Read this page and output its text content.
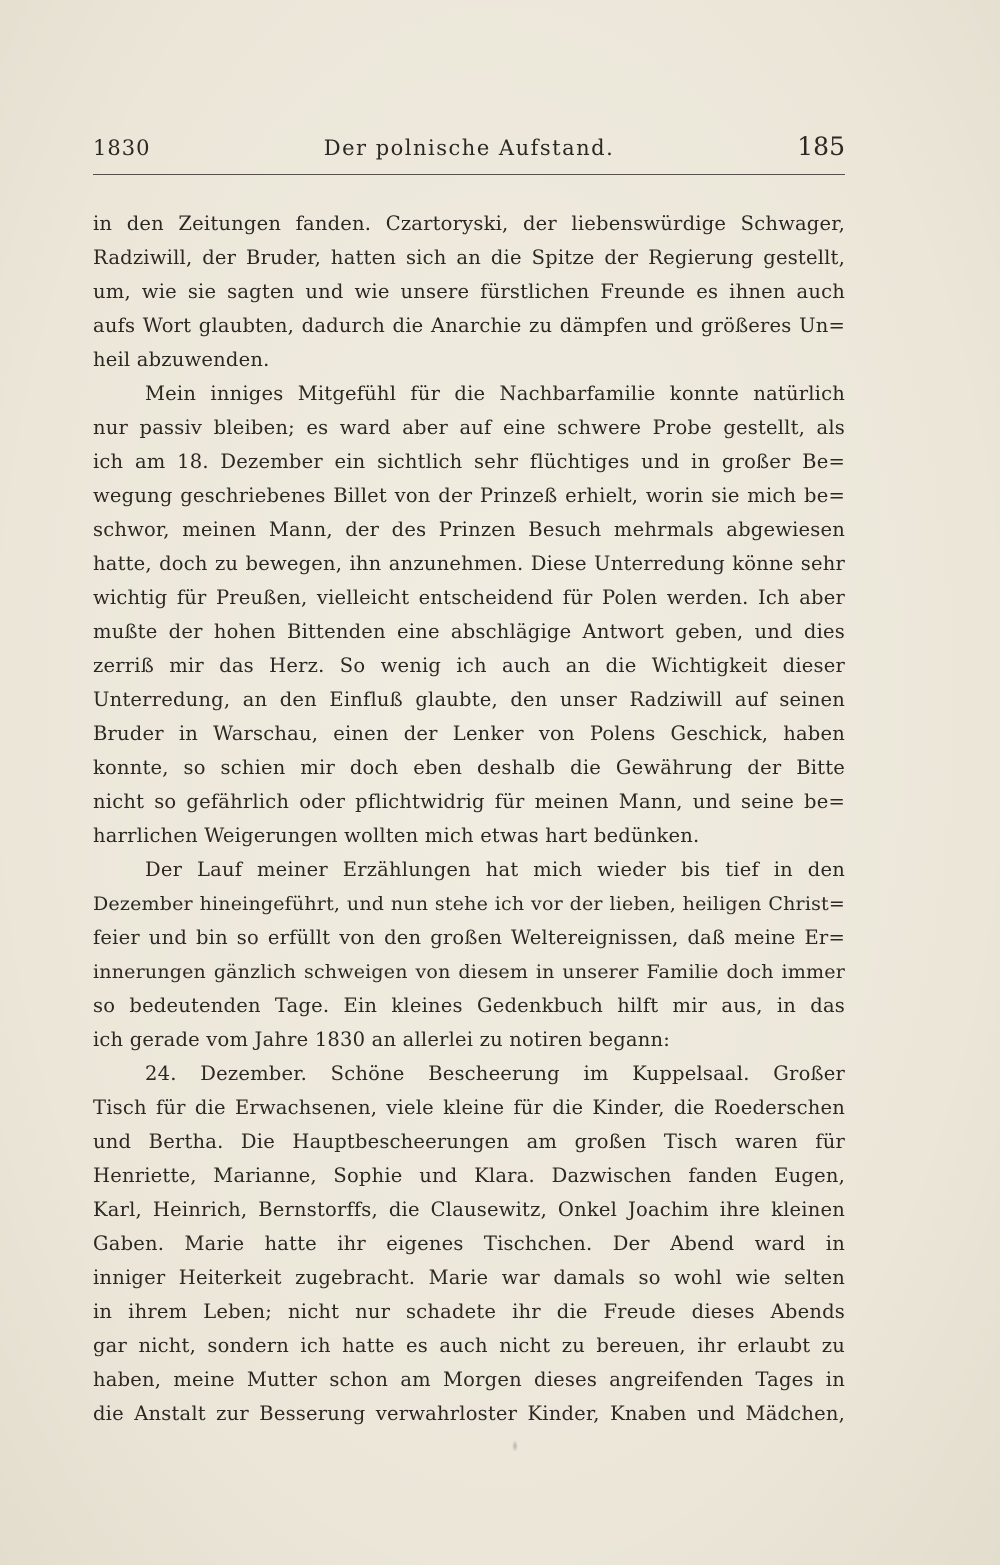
1830	Der polnische Aufstand.	185
in den Zeitungen fanden. Czartoryski, der liebenswürdige Schwager,
Radziwill, der Bruder, hatten sich an die Spitze der Regierung gestellt,
um, wie sie sagten und wie unsere fürstlichen Freunde es ihnen auch
aufs Wort glaubten, dadurch die Anarchie zu dämpfen und größeres Un=
heil abzuwenden.
Mein inniges Mitgefühl für die Nachbarfamilie konnte natürlich
nur passiv bleiben; es ward aber auf eine schwere Probe gestellt, als
ich am 18. Dezember ein sichtlich sehr flüchtiges und in großer Be=
wegung geschriebenes Billet von der Prinzeß erhielt, worin sie mich be=
schwor, meinen Mann, der des Prinzen Besuch mehrmals abgewiesen
hatte, doch zu bewegen, ihn anzunehmen. Diese Unterredung könne sehr
wichtig für Preußen, vielleicht entscheidend für Polen werden. Ich aber
mußte der hohen Bittenden eine abschlägige Antwort geben, und dies
zerriß mir das Herz. So wenig ich auch an die Wichtigkeit dieser
Unterredung, an den Einfluß glaubte, den unser Radziwill auf seinen
Bruder in Warschau, einen der Lenker von Polens Geschick, haben
konnte, so schien mir doch eben deshalb die Gewährung der Bitte
nicht so gefährlich oder pflichtwidrig für meinen Mann, und seine be=
harrlichen Weigerungen wollten mich etwas hart bedünken.
Der Lauf meiner Erzählungen hat mich wieder bis tief in den
Dezember hineingeführt, und nun stehe ich vor der lieben, heiligen Christ=
feier und bin so erfüllt von den großen Weltereignissen, daß meine Er=
innerungen gänzlich schweigen von diesem in unserer Familie doch immer
so bedeutenden Tage. Ein kleines Gedenkbuch hilft mir aus, in das
ich gerade vom Jahre 1830 an allerlei zu notiren begann:
24. Dezember. Schöne Bescheerung im Kuppelsaal. Großer
Tisch für die Erwachsenen, viele kleine für die Kinder, die Roederschen
und Bertha. Die Hauptbescheerungen am großen Tisch waren für
Henriette, Marianne, Sophie und Klara. Dazwischen fanden Eugen,
Karl, Heinrich, Bernstorffs, die Clausewitz, Onkel Joachim ihre kleinen
Gaben. Marie hatte ihr eigenes Tischchen. Der Abend ward in
inniger Heiterkeit zugebracht. Marie war damals so wohl wie selten
in ihrem Leben; nicht nur schadete ihr die Freude dieses Abends
gar nicht, sondern ich hatte es auch nicht zu bereuen, ihr erlaubt zu
haben, meine Mutter schon am Morgen dieses angreifenden Tages in
die Anstalt zur Besserung verwahrloster Kinder, Knaben und Mädchen,
